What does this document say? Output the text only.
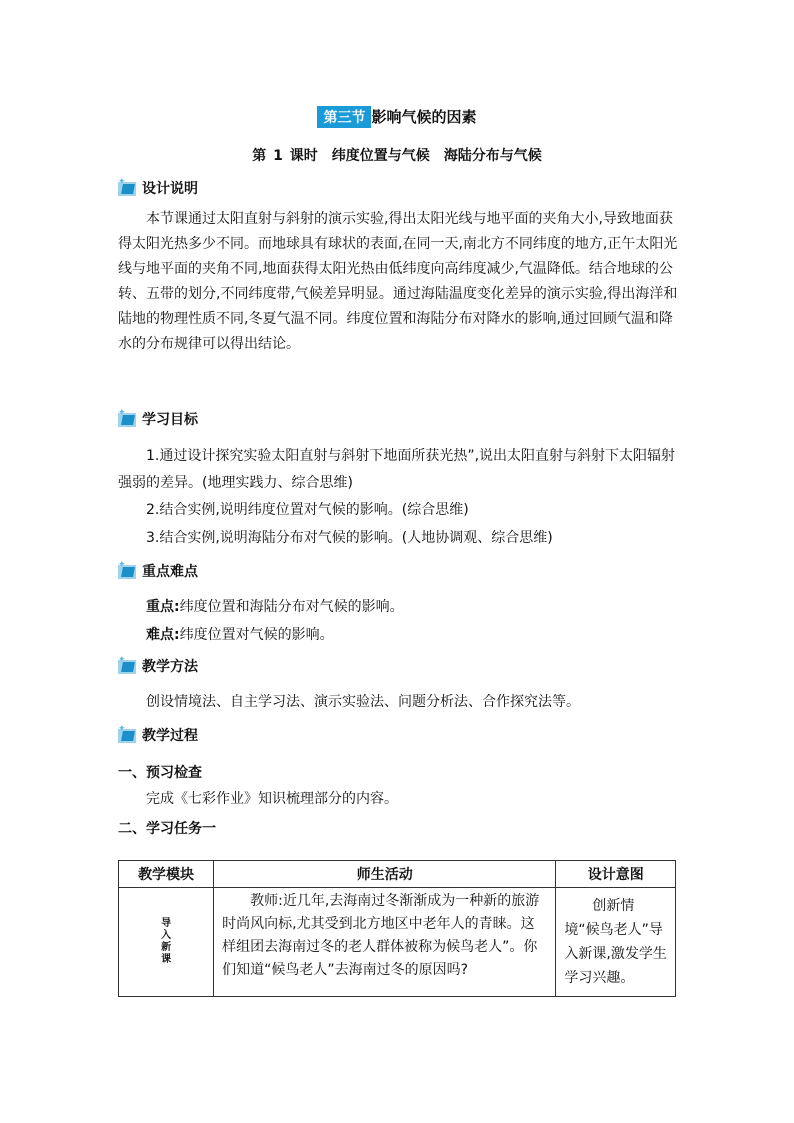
第三节 影响气候的因素
第 1 课时　纬度位置与气候　海陆分布与气候
✦ 设计说明

本节课通过太阳直射与斜射的演示实验,得出太阳光线与地平面的夹角大小,导致地面获得太阳光热多少不同。而地球具有球状的表面,在同一天,南北方不同纬度的地方,正午太阳光线与地平面的夹角不同,地面获得太阳光热由低纬度向高纬度减少,气温降低。结合地球的公转、五带的划分,不同纬度带,气候差异明显。通过海陆温度变化差异的演示实验,得出海洋和陆地的物理性质不同,冬夏气温不同。纬度位置和海陆分布对降水的影响,通过回顾气温和降水的分布规律可以得出结论。

✦ 学习目标

1.通过设计探究实验太阳直射与斜射下地面所获光热”,说出太阳直射与斜射下太阳辐射强弱的差异。(地理实践力、综合思维)

2.结合实例,说明纬度位置对气候的影响。(综合思维)
3.结合实例,说明海陆分布对气候的影响。(人地协调观、综合思维)
✦ 重点难点
重点:纬度位置和海陆分布对气候的影响。
难点:纬度位置对气候的影响。
✦ 教学方法
创设情境法、自主学习法、演示实验法、问题分析法、合作探究法等。
✦ 教学过程
一、预习检查
完成《七彩作业》知识梳理部分的内容。
二、学习任务一
教学模块	师生活动	设计意图

导入新课	教师:近几年,去海南过冬渐渐成为一种新的旅游时尚风向标,尤其受到北方地区中老年人的青睐。这样组团去海南过冬的老人群体被称为候鸟老人”。你们知道“候鸟老人”去海南过冬的原因吗?	创新情境“候鸟老人”导入新课,激发学生学习兴趣。
